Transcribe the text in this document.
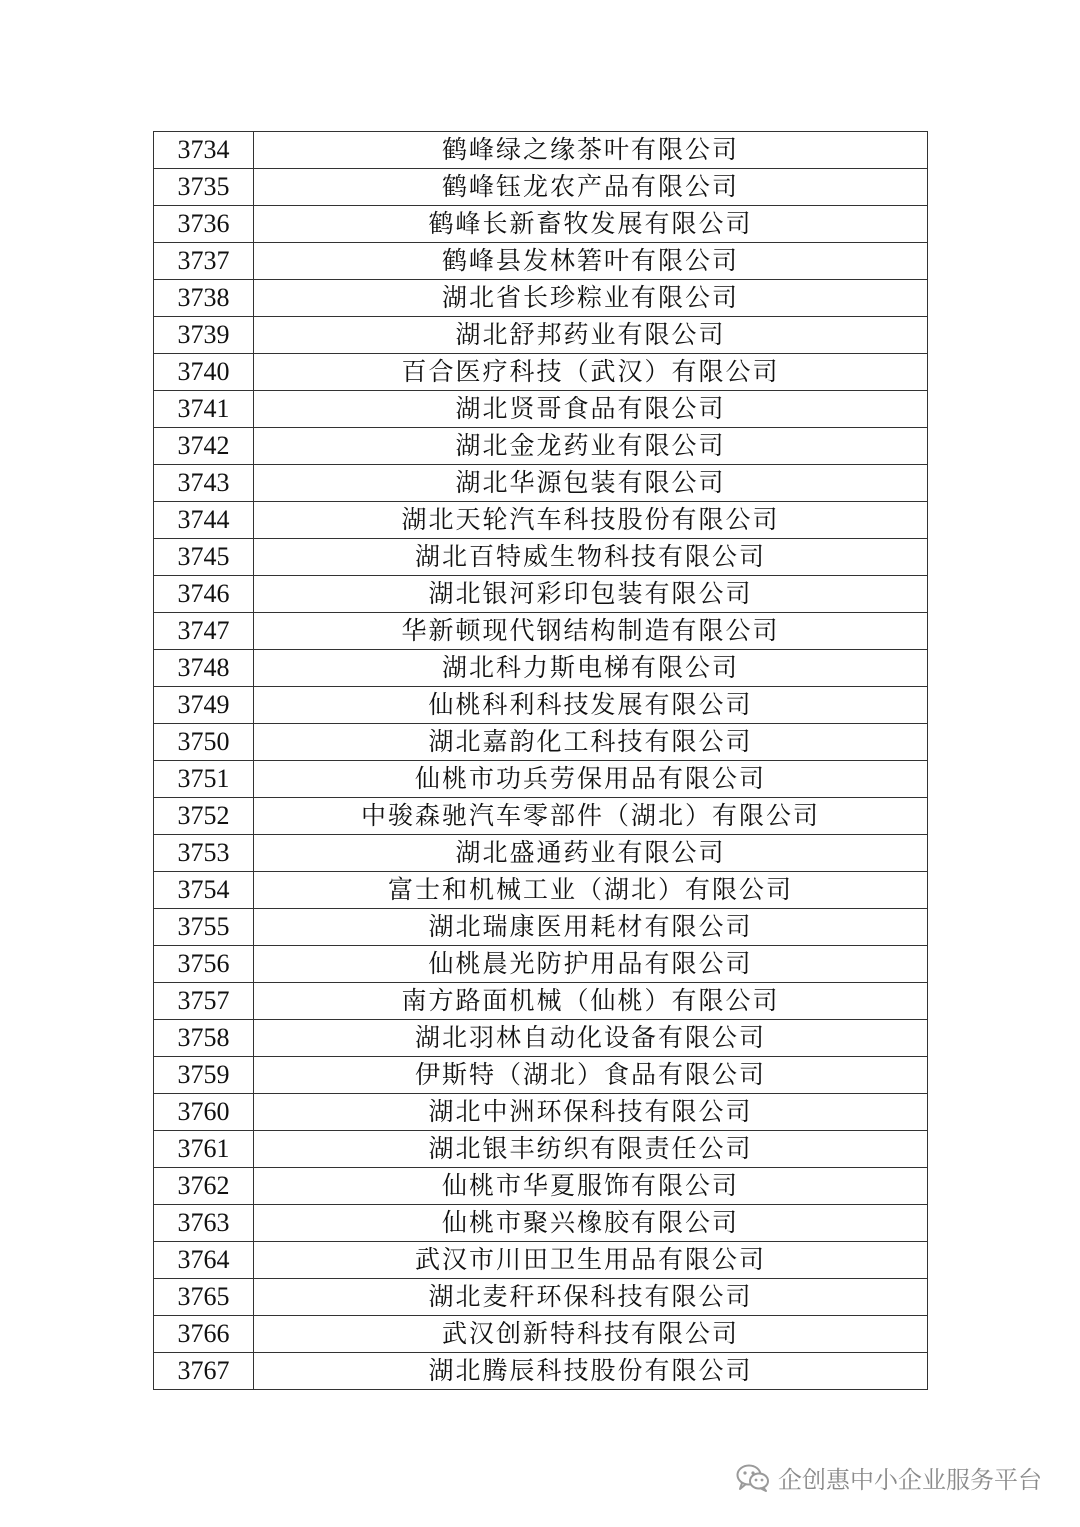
3734	鹤峰绿之缘茶叶有限公司
3735	鹤峰钰龙农产品有限公司
3736	鹤峰长新畜牧发展有限公司
3737	鹤峰县发林箬叶有限公司
3738	湖北省长珍粽业有限公司
3739	湖北舒邦药业有限公司
3740	百合医疗科技（武汉）有限公司
3741	湖北贤哥食品有限公司
3742	湖北金龙药业有限公司
3743	湖北华源包装有限公司
3744	湖北天轮汽车科技股份有限公司
3745	湖北百特威生物科技有限公司
3746	湖北银河彩印包装有限公司
3747	华新顿现代钢结构制造有限公司
3748	湖北科力斯电梯有限公司
3749	仙桃科利科技发展有限公司
3750	湖北嘉韵化工科技有限公司
3751	仙桃市功兵劳保用品有限公司
3752	中骏森驰汽车零部件（湖北）有限公司
3753	湖北盛通药业有限公司
3754	富士和机械工业（湖北）有限公司
3755	湖北瑞康医用耗材有限公司
3756	仙桃晨光防护用品有限公司
3757	南方路面机械（仙桃）有限公司
3758	湖北羽林自动化设备有限公司
3759	伊斯特（湖北）食品有限公司
3760	湖北中洲环保科技有限公司
3761	湖北银丰纺织有限责任公司
3762	仙桃市华夏服饰有限公司
3763	仙桃市聚兴橡胶有限公司
3764	武汉市川田卫生用品有限公司
3765	湖北麦秆环保科技有限公司
3766	武汉创新特科技有限公司
3767	湖北腾辰科技股份有限公司
企创惠中小企业服务平台
